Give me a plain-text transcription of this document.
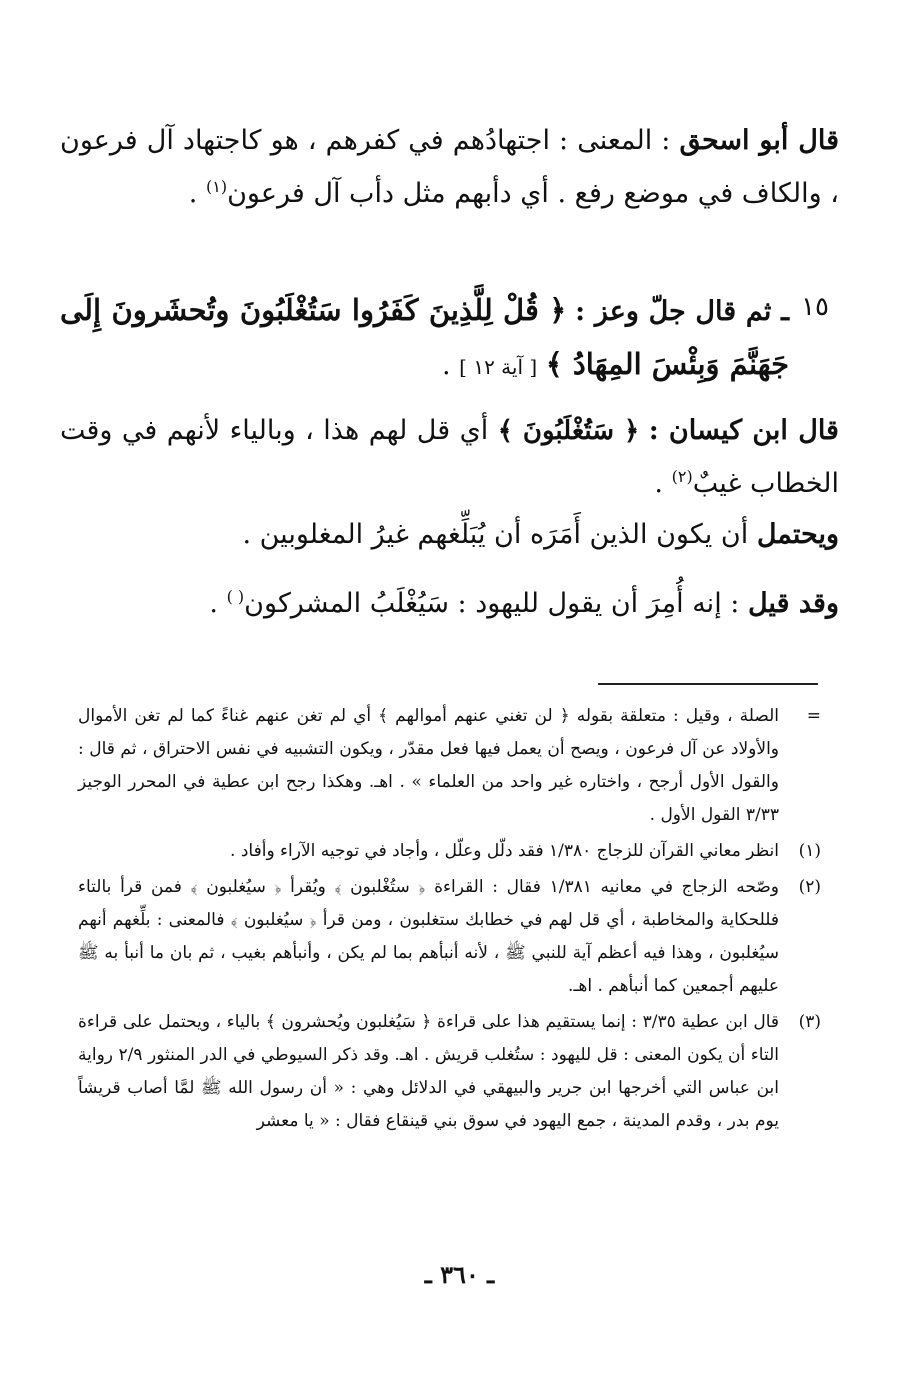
قال أبو اسحق : المعنى : اجتهادُهم في كفرهم ، هو كاجتهاد آل فرعون ، والكاف في موضع رفع . أي دأبهم مثل دأب آل فرعون$^{(١)}$ .

١٥

ـ ثم قال جلّ وعز : ﴿ قُلْ لِلَّذِينَ كَفَرُوا سَتُغْلَبُونَ وتُحشَرونَ إِلَى جَهَنَّمَ وَبِئْسَ المِهَادُ ﴾ [ آية ١٢ ] .

قال ابن كيسان : ﴿ سَتُغْلَبُونَ ﴾ أي قل لهم هذا ، وبالياء لأنهم في وقت الخطاب غيبٌ$^{(٢)}$ .

ويحتمل أن يكون الذين أَمَرَه أن يُبَلِّغهم غيرُ المغلوبين .

وقد قيل : إنه أُمِرَ أن يقول لليهود : سَيُغْلَبُ المشركون( ) .

=
الصلة ، وقيل : متعلقة بقوله ﴿ لن تغني عنهم أموالهم ﴾ أي لم تغن عنهم غناءً كما لم تغن الأموال والأولاد عن آل فرعون ، ويصح أن يعمل فيها فعل مقدّر ، ويكون التشبيه في نفس الاحتراق ، ثم قال : والقول الأول أرجح ، واختاره غير واحد من العلماء » . اهـ. وهكذا رجح ابن عطية في المحرر الوجيز ٣/٣٣ القول الأول .

(١)
انظر معاني القرآن للزجاج ١/٣٨٠ فقد دلّل وعلّل ، وأجاد في توجيه الآراء وأفاد .

(٢)
وصّحه الزجاج في معانيه ١/٣٨١ فقال : القراءة ﴿ ستُغْلبون ﴾ ويُقرأ ﴿ سيُغلبون ﴾ فمن قرأ بالتاء فللحكاية والمخاطبة ، أي قل لهم في خطابك ستغلبون ، ومن قرأ ﴿ سيُغلبون ﴾ فالمعنى : بلِّغهم أنهم سيُغلبون ، وهذا فيه أعظم آية للنبي ﷺ ، لأنه أنبأهم بما لم يكن ، وأنبأهم بغيب ، ثم بان ما أنبأ به ﷺ عليهم أجمعين كما أنبأهم . اهـ.

(٣)
قال ابن عطية ٣/٣٥ : إنما يستقيم هذا على قراءة ﴿ سَيُغلبون ويُحشرون ﴾ بالياء ، ويحتمل على قراءة التاء أن يكون المعنى : قل لليهود : ستُغلب قريش . اهـ. وقد ذكر السيوطي في الدر المنثور ٢/٩ رواية ابن عباس التي أخرجها ابن جرير والبيهقي في الدلائل وهي : « أن رسول الله ﷺ لمَّا أصاب قريشاً يوم بدر ، وقدم المدينة ، جمع اليهود في سوق بني قينقاع فقال : « يا معشر

ـ ٣٦٠ ـ
